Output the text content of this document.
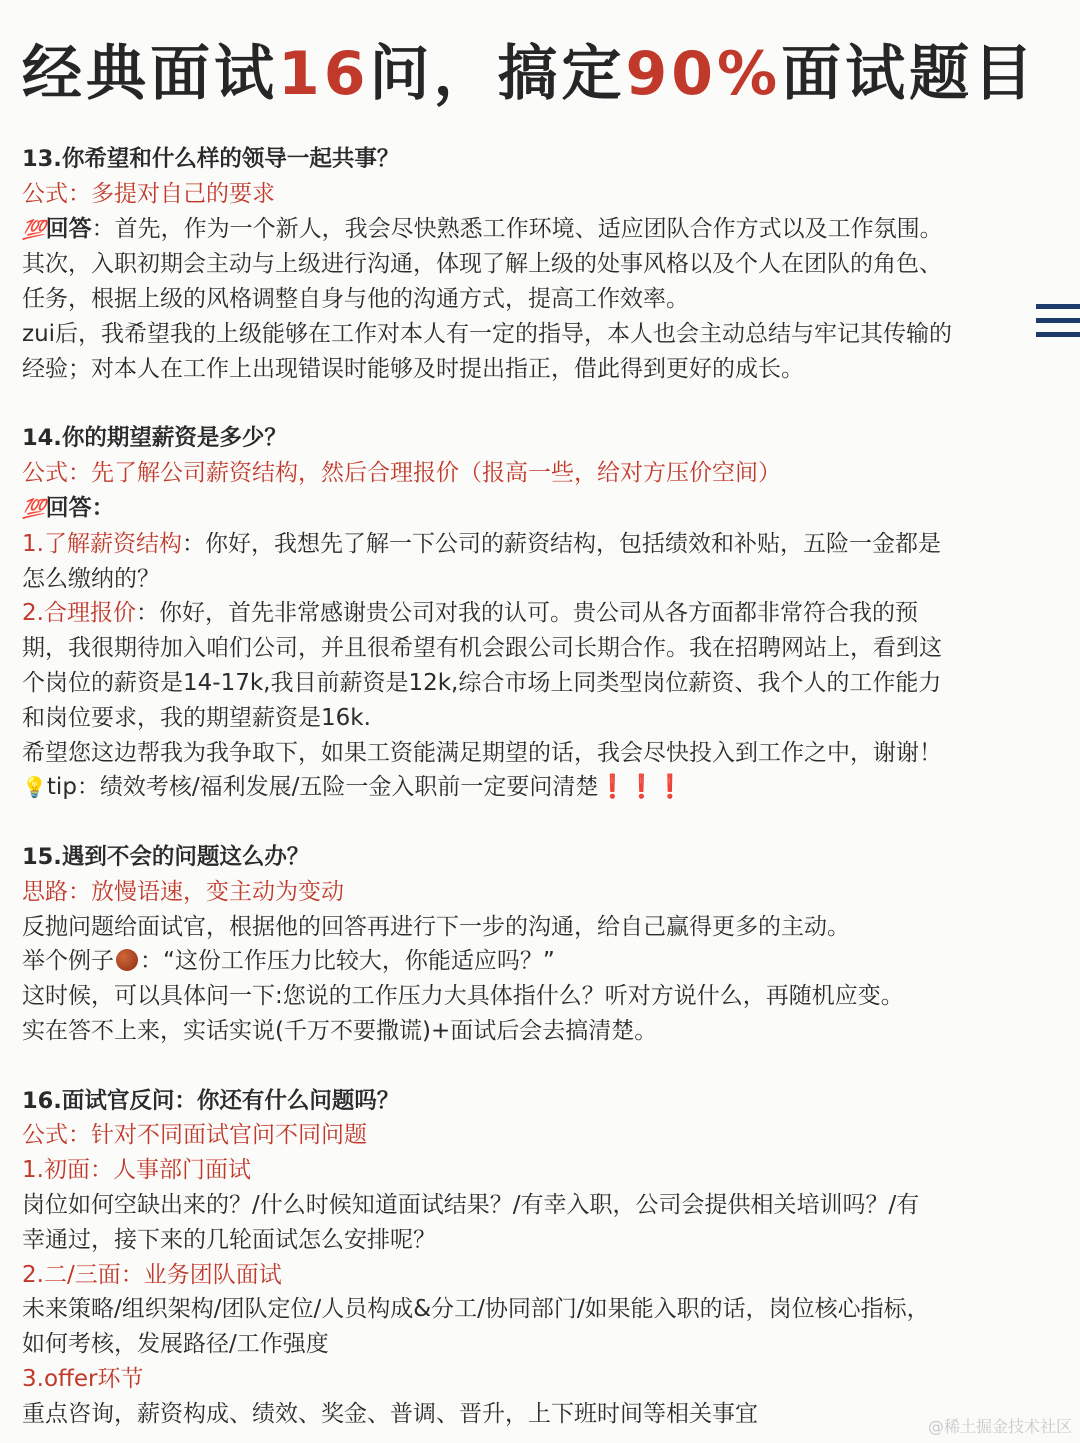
经典面试16问，搞定90%面试题目
13.你希望和什么样的领导一起共事？
公式：多提对自己的要求
💯回答：首先，作为一个新人，我会尽快熟悉工作环境、适应团队合作方式以及工作氛围。
其次，入职初期会主动与上级进行沟通，体现了解上级的处事风格以及个人在团队的角色、
任务，根据上级的风格调整自身与他的沟通方式，提高工作效率。
zui后，我希望我的上级能够在工作对本人有一定的指导，本人也会主动总结与牢记其传输的
经验；对本人在工作上出现错误时能够及时提出指正，借此得到更好的成长。
14.你的期望薪资是多少？
公式：先了解公司薪资结构，然后合理报价（报高一些，给对方压价空间）
💯回答：
1.了解薪资结构：你好，我想先了解一下公司的薪资结构，包括绩效和补贴，五险一金都是
怎么缴纳的？
2.合理报价：你好，首先非常感谢贵公司对我的认可。贵公司从各方面都非常符合我的预
期，我很期待加入咱们公司，并且很希望有机会跟公司长期合作。我在招聘网站上，看到这
个岗位的薪资是14-17k,我目前薪资是12k,综合市场上同类型岗位薪资、我个人的工作能力
和岗位要求，我的期望薪资是16k.
希望您这边帮我为我争取下，如果工资能满足期望的话，我会尽快投入到工作之中，谢谢！
💡tip：绩效考核/福利发展/五险一金入职前一定要问清楚❗❗❗
15.遇到不会的问题这么办？
思路：放慢语速，变主动为变动
反抛问题给面试官，根据他的回答再进行下一步的沟通，给自己赢得更多的主动。
举个例子 ：“这份工作压力比较大，你能适应吗？”
这时候，可以具体问一下:您说的工作压力大具体指什么？听对方说什么，再随机应变。
实在答不上来，实话实说(千万不要撒谎)+面试后会去搞清楚。
16.面试官反问：你还有什么问题吗？
公式：针对不同面试官问不同问题
1.初面：人事部门面试
岗位如何空缺出来的？/什么时候知道面试结果？/有幸入职，公司会提供相关培训吗？/有
幸通过，接下来的几轮面试怎么安排呢？
2.二/三面：业务团队面试
未来策略/组织架构/团队定位/人员构成&分工/协同部门/如果能入职的话，岗位核心指标，
如何考核，发展路径/工作强度
3.offer环节
重点咨询，薪资构成、绩效、奖金、普调、晋升，上下班时间等相关事宜	@稀土掘金技术社区
